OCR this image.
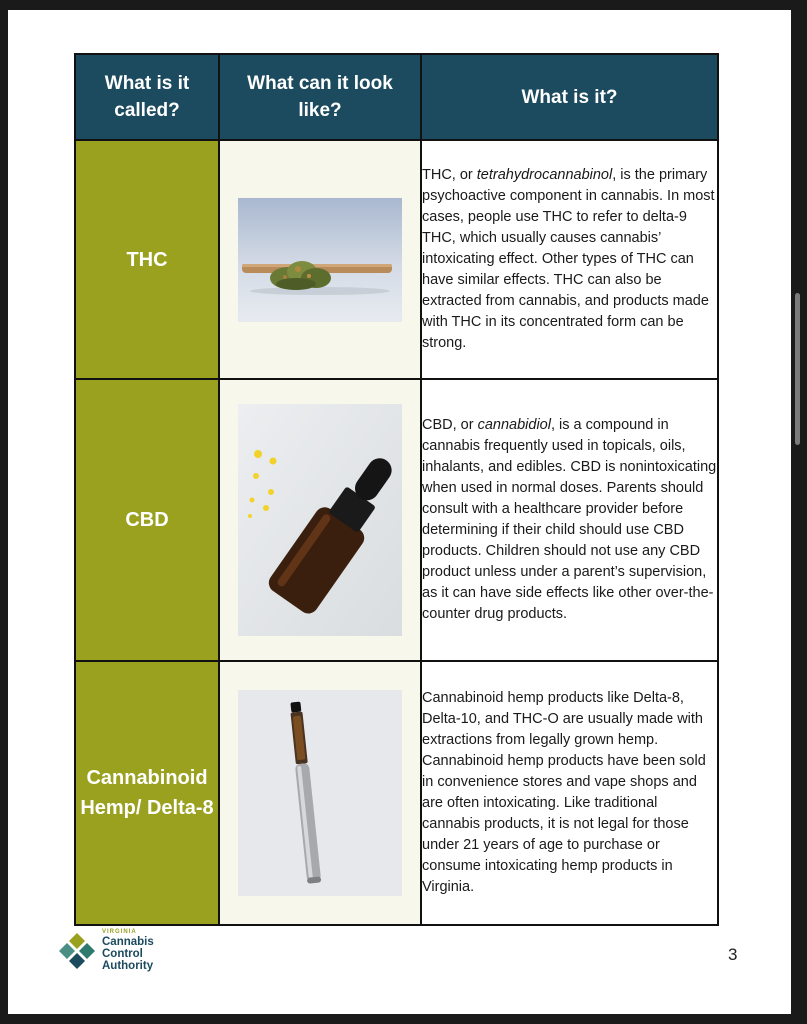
What is it called?	What can it look like?	What is it?
THC		THC, or tetrahydrocannabinol, is the primary psychoactive component in cannabis. In most cases, people use THC to refer to delta-9 THC, which usually causes cannabis’ intoxicating effect. Other types of THC can have similar effects. THC can also be extracted from cannabis, and products made with THC in its concentrated form can be strong.
CBD		CBD, or cannabidiol, is a compound in cannabis frequently used in topicals, oils, inhalants, and edibles. CBD is nonintoxicating when used in normal doses. Parents should consult with a healthcare provider before determining if their child should use CBD products. Children should not use any CBD product unless under a parent’s supervision, as it can have side effects like other over-the-counter drug products.
Cannabinoid Hemp/ Delta-8		Cannabinoid hemp products like Delta-8, Delta-10, and THC-O are usually made with extractions from legally grown hemp. Cannabinoid hemp products have been sold in convenience stores and vape shops and are often intoxicating. Like traditional cannabis products, it is not legal for those under 21 years of age to purchase or consume intoxicating hemp products in Virginia.
VIRGINIA
Cannabis
Control
Authority
3
